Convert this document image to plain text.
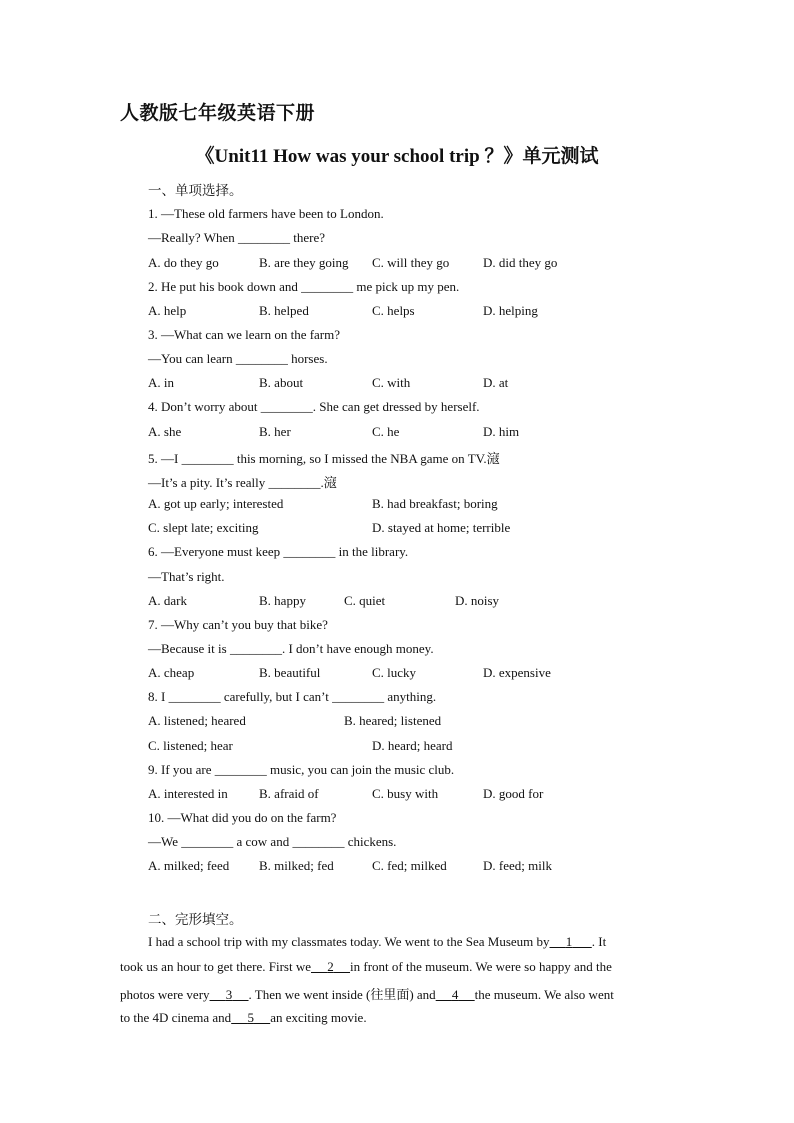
人教版七年级英语下册
《Unit11 How was your school trip ？》单元测试
一、单项选择。
1. —These old farmers have been to London.
—Really? When ________ there?
A. do they go	B. are they going C. will they go	D. did they go
2. He put his book down and ________ me pick up my pen.
A. help	B. helped	C. helps	D. helping
3. —What can we learn on the farm?
—You can learn ________ horses.
A. in	B. about	C. with	D. at
4. Don’t worry about ________. She can get dressed by herself.
A. she	B. her	C. he	D. him
5. —I ________ this morning, so I missed the NBA game on TV.滱
—It’s a pity. It’s really ________.滱
A. got up early; interested	B. had breakfast; boring
C. slept late; exciting	D. stayed at home; terrible
6. —Everyone must keep ________ in the library.
—That’s right.
A. dark	B. happy	C. quiet	D. noisy
7. —Why can’t you buy that bike?
—Because it is ________. I don’t have enough money.
A. cheap	B. beautiful	C. lucky	D. expensive
8. I ________ carefully, but I can’t ________ anything.
A. listened; heared	B. heared; listened
C. listened; hear	D. heard; heard
9. If you are ________ music, you can join the music club.
A. interested in B. afraid of	C. busy with	D. good for
10. —What did you do on the farm?
—We ________ a cow and ________ chickens.
A. milked; feed B. milked; fed	C. fed; milked	D. feed; milk
二、完形填空。
I had a school trip with my classmates today. We went to the Sea Museum by 1 . It
took us an hour to get there. First we 2 in front of the museum. We were so happy and the
photos were very 3 . Then we went inside (往里面) and 4 the museum. We also went
to the 4D cinema and 5 an exciting movie.
